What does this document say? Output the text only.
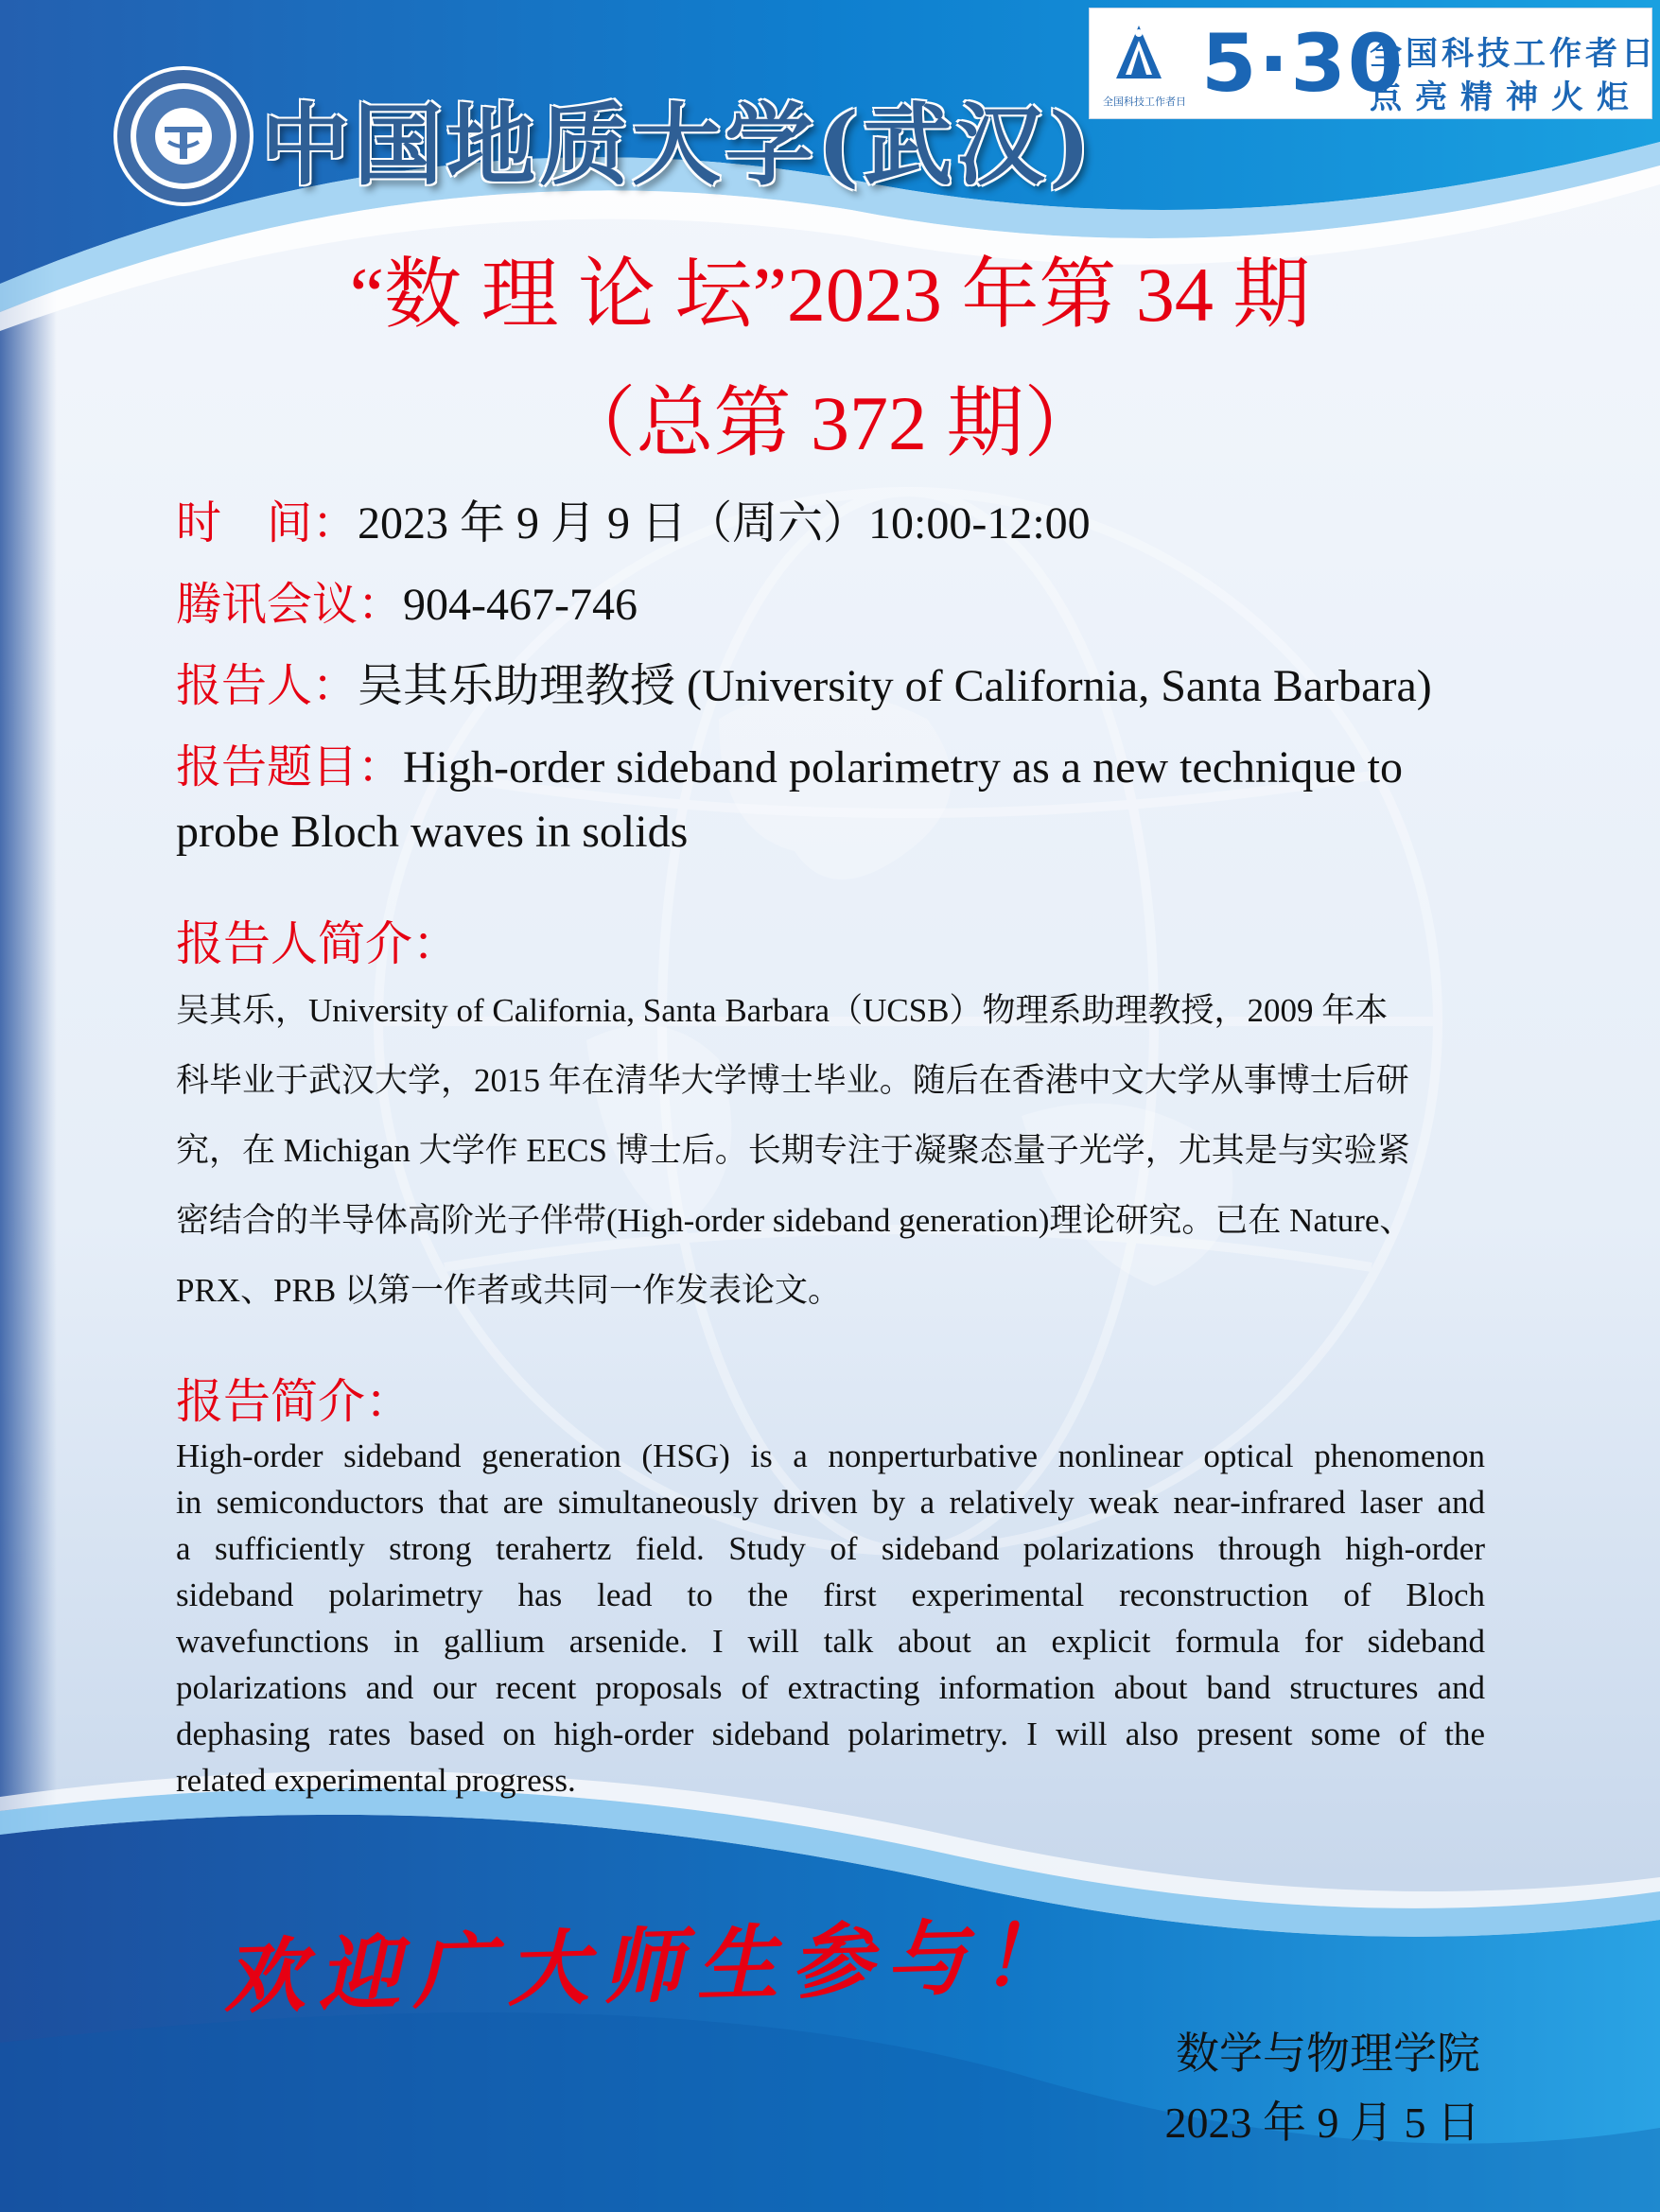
全国科技工作者日 5·30
全国科技工作者日
点亮精神火炬
中国地质大学(武汉)
“数 理 论 坛”2023 年第 34 期
（总第 372 期）
时　间：2023 年 9 月 9 日（周六）10:00-12:00
腾讯会议：904-467-746
报告人：吴其乐助理教授 (University of California, Santa Barbara)
报告题目：High-order sideband polarimetry as a new technique to
probe Bloch waves in solids
报告人简介：
吴其乐，University of California, Santa Barbara（UCSB）物理系助理教授，2009 年本
科毕业于武汉大学，2015 年在清华大学博士毕业。随后在香港中文大学从事博士后研
究，在 Michigan 大学作 EECS 博士后。长期专注于凝聚态量子光学，尤其是与实验紧
密结合的半导体高阶光子伴带(High-order sideband generation)理论研究。已在 Nature、
PRX、PRB 以第一作者或共同一作发表论文。
报告简介：
High-order sideband generation (HSG) is a nonperturbative nonlinear optical phenomenon
in semiconductors that are simultaneously driven by a relatively weak near-infrared laser and
a sufficiently strong terahertz field. Study of sideband polarizations through high-order
sideband polarimetry has lead to the first experimental reconstruction of Bloch
wavefunctions in gallium arsenide. I will talk about an explicit formula for sideband
polarizations and our recent proposals of extracting information about band structures and
dephasing rates based on high-order sideband polarimetry. I will also present some of the
related experimental progress.
欢迎广大师生参与！
数学与物理学院
2023 年 9 月 5 日
